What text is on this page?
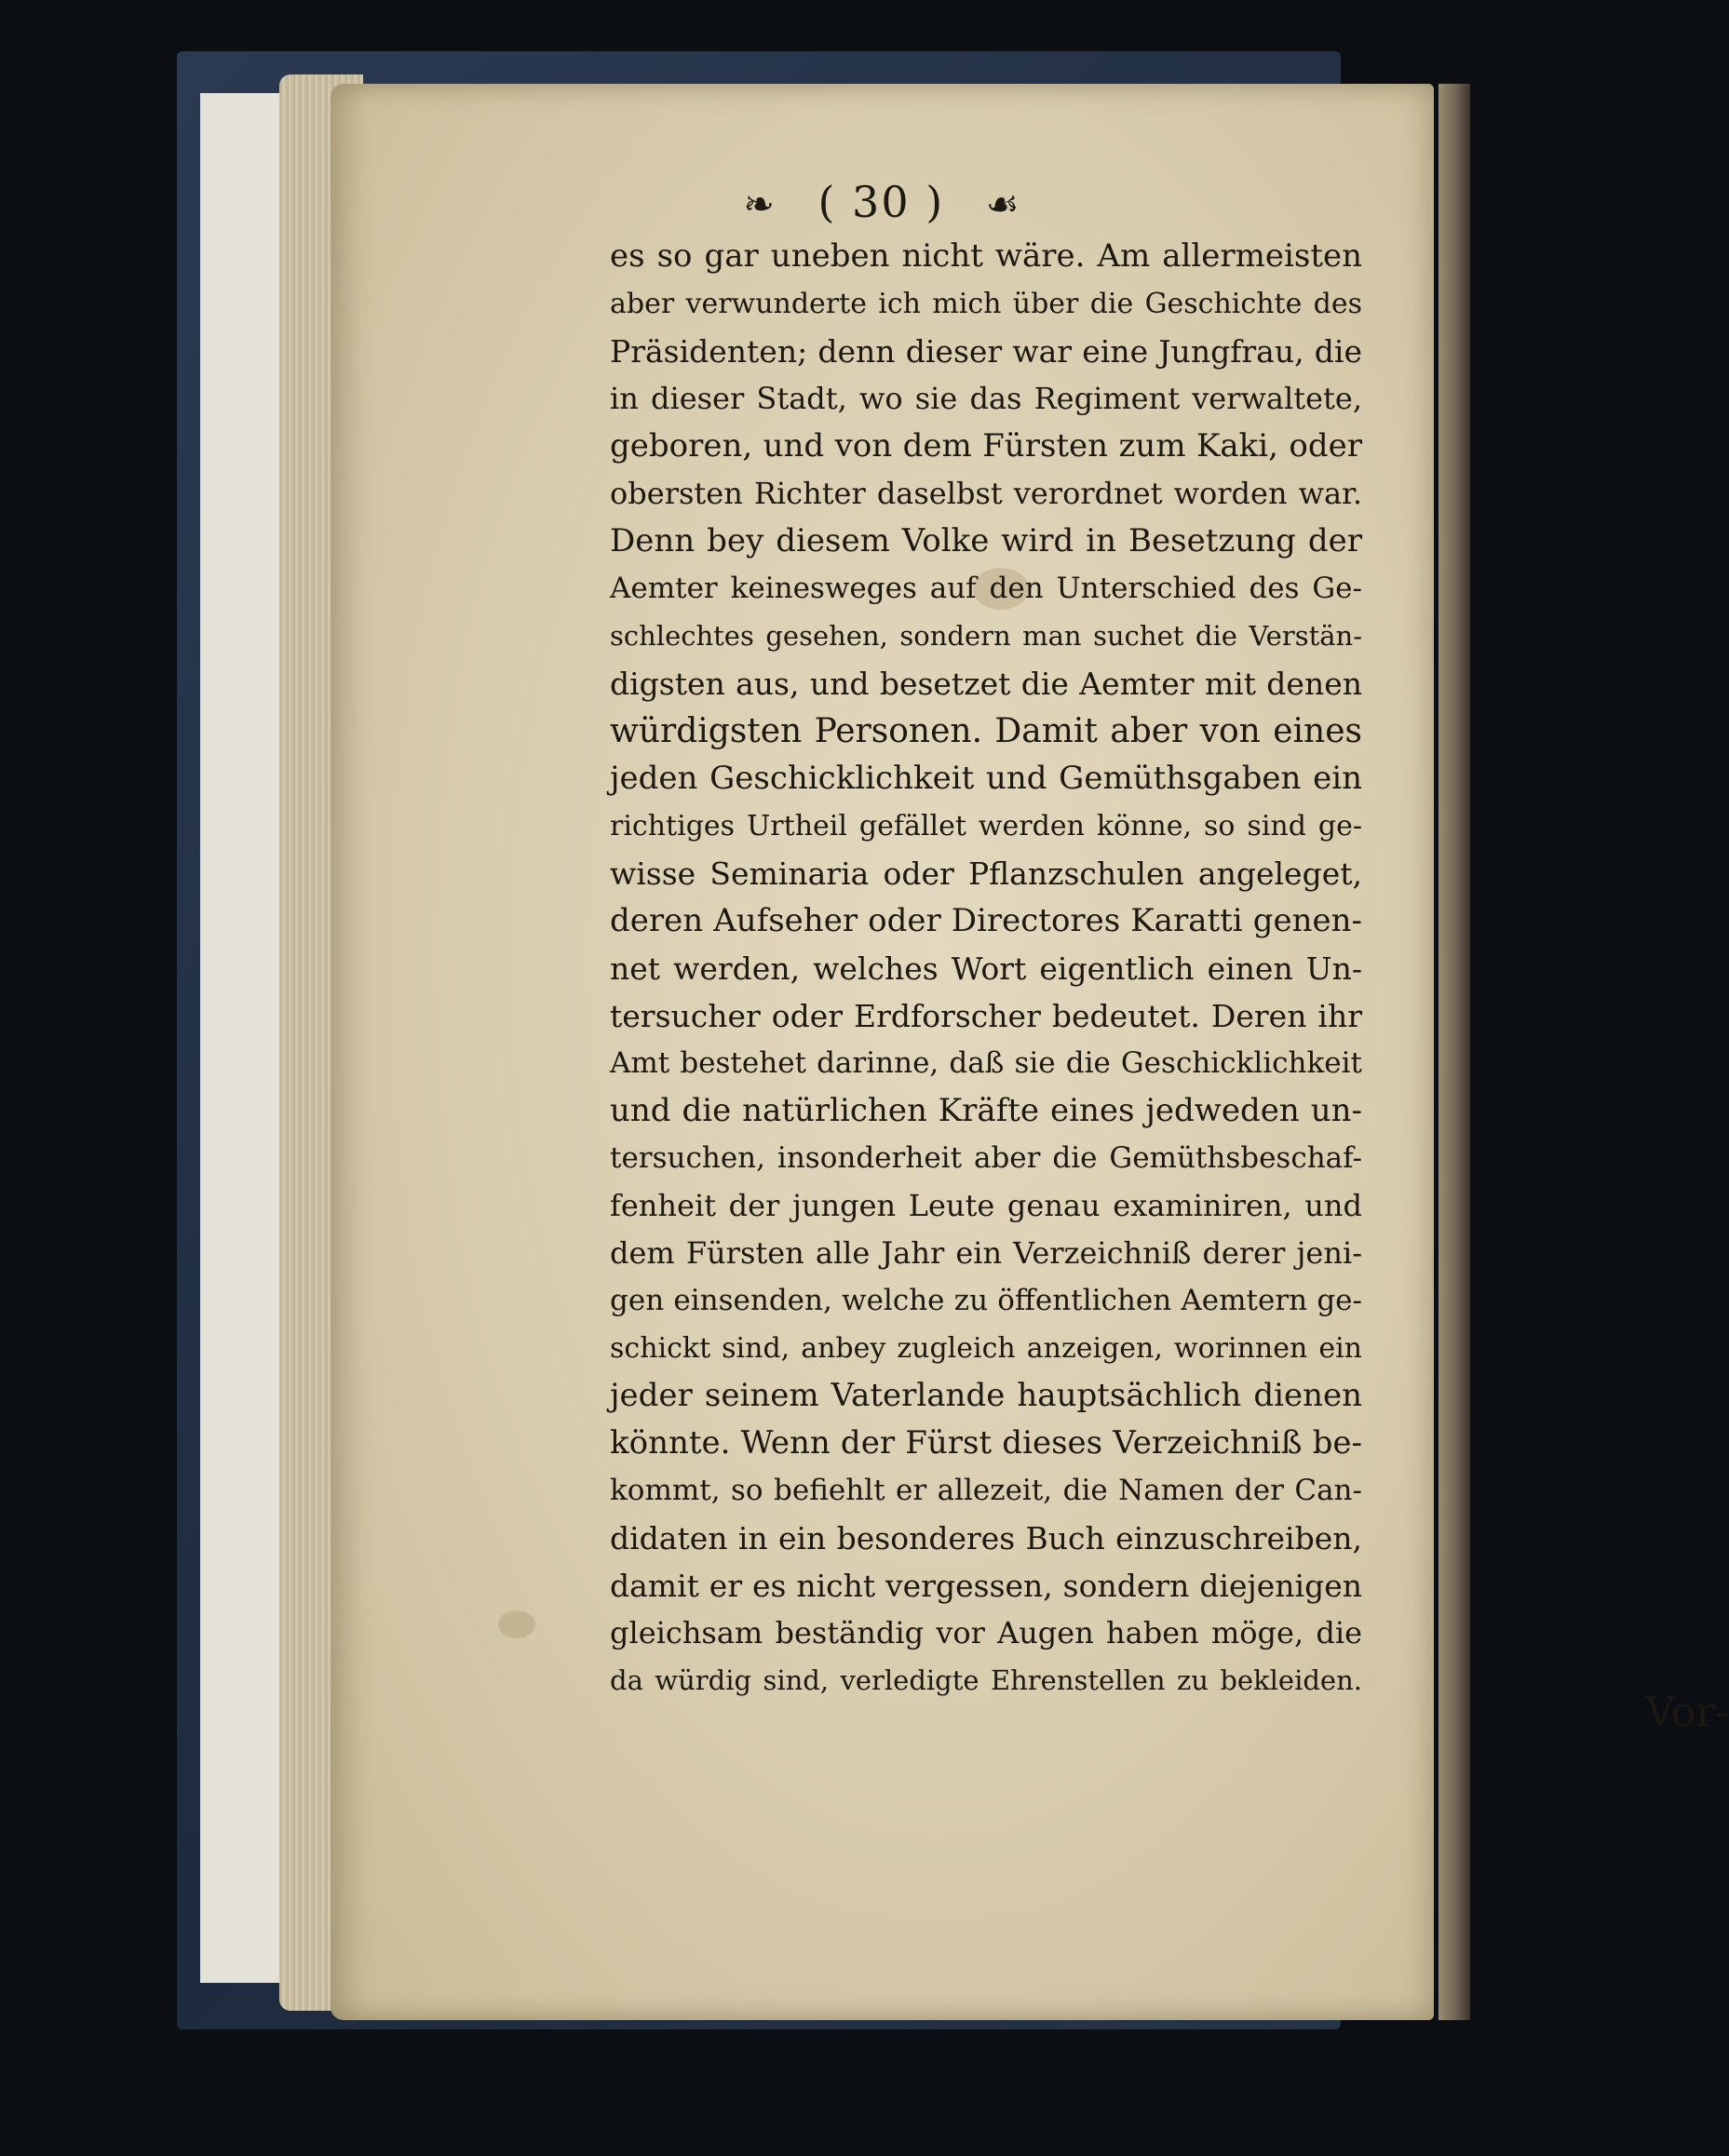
❧ ( 30 ) ☙
es so gar uneben nicht wäre. Am allermeisten
aber verwunderte ich mich über die Geschichte des
Präsidenten; denn dieser war eine Jungfrau, die
in dieser Stadt, wo sie das Regiment verwaltete,
geboren, und von dem Fürsten zum Kaki, oder
obersten Richter daselbst verordnet worden war.
Denn bey diesem Volke wird in Besetzung der
Aemter keinesweges auf den Unterschied des Ge-
schlechtes gesehen, sondern man suchet die Verstän-
digsten aus, und besetzet die Aemter mit denen
würdigsten Personen. Damit aber von eines
jeden Geschicklichkeit und Gemüthsgaben ein
richtiges Urtheil gefället werden könne, so sind ge-
wisse Seminaria oder Pflanzschulen angeleget,
deren Aufseher oder Directores Karatti genen-
net werden, welches Wort eigentlich einen Un-
tersucher oder Erdforscher bedeutet. Deren ihr
Amt bestehet darinne, daß sie die Geschicklichkeit
und die natürlichen Kräfte eines jedweden un-
tersuchen, insonderheit aber die Gemüthsbeschaf-
fenheit der jungen Leute genau examiniren, und
dem Fürsten alle Jahr ein Verzeichniß derer jeni-
gen einsenden, welche zu öffentlichen Aemtern ge-
schickt sind, anbey zugleich anzeigen, worinnen ein
jeder seinem Vaterlande hauptsächlich dienen
könnte. Wenn der Fürst dieses Verzeichniß be-
kommt, so befiehlt er allezeit, die Namen der Can-
didaten in ein besonderes Buch einzuschreiben,
damit er es nicht vergessen, sondern diejenigen
gleichsam beständig vor Augen haben möge, die
da würdig sind, verledigte Ehrenstellen zu bekleiden.
Vor-
